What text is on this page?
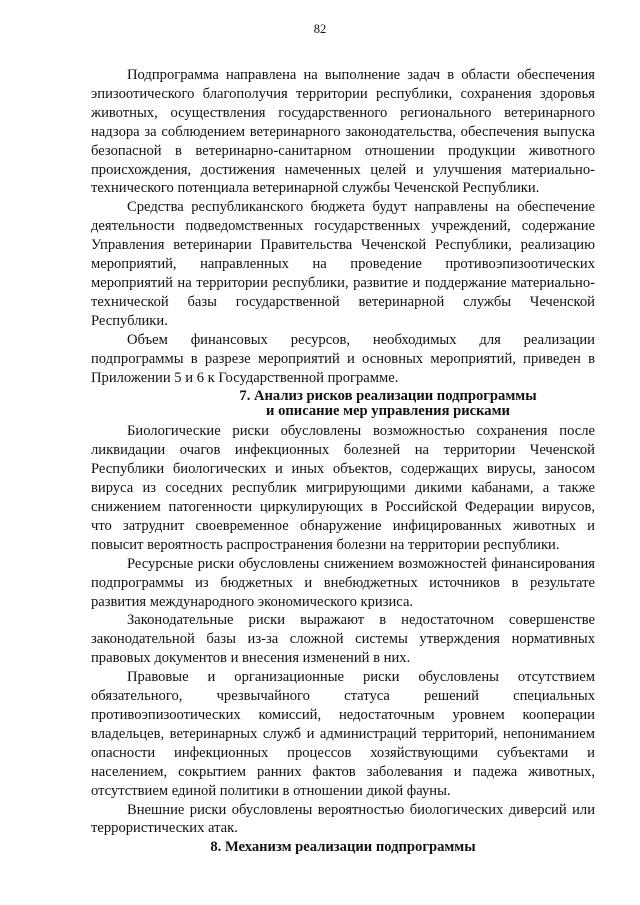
82

Подпрограмма направлена на выполнение задач в области обеспечения эпизоотического благополучия территории республики, сохранения здоровья животных, осуществления государственного регионального ветеринарного надзора за соблюдением ветеринарного законодательства, обеспечения выпуска безопасной в ветеринарно-санитарном отношении продукции животного происхождения, достижения намеченных целей и улучшения материально-технического потенциала ветеринарной службы Чеченской Республики.

Средства республиканского бюджета будут направлены на обеспечение деятельности подведомственных государственных учреждений, содержание Управления ветеринарии Правительства Чеченской Республики, реализацию мероприятий, направленных на проведение противоэпизоотических мероприятий на территории республики, развитие и поддержание материально-технической базы государственной ветеринарной службы Чеченской Республики.

Объем финансовых ресурсов, необходимых для реализации подпрограммы в разрезе мероприятий и основных мероприятий, приведен в Приложении 5 и 6 к Государственной программе.

7. Анализ рисков реализации подпрограммы
и описание мер управления рисками

Биологические риски обусловлены возможностью сохранения после ликвидации очагов инфекционных болезней на территории Чеченской Республики биологических и иных объектов, содержащих вирусы, заносом вируса из соседних республик мигрирующими дикими кабанами, а также снижением патогенности циркулирующих в Российской Федерации вирусов, что затруднит своевременное обнаружение инфицированных животных и повысит вероятность распространения болезни на территории республики.

Ресурсные риски обусловлены снижением возможностей финансирования подпрограммы из бюджетных и внебюджетных источников в результате развития международного экономического кризиса.

Законодательные риски выражают в недостаточном совершенстве законодательной базы из-за сложной системы утверждения нормативных правовых документов и внесения изменений в них.

Правовые и организационные риски обусловлены отсутствием обязательного, чрезвычайного статуса решений специальных противоэпизоотических комиссий, недостаточным уровнем кооперации владельцев, ветеринарных служб и администраций территорий, непониманием опасности инфекционных процессов хозяйствующими субъектами и населением, сокрытием ранних фактов заболевания и падежа животных, отсутствием единой политики в отношении дикой фауны.

Внешние риски обусловлены вероятностью биологических диверсий или террористических атак.

8. Механизм реализации подпрограммы
